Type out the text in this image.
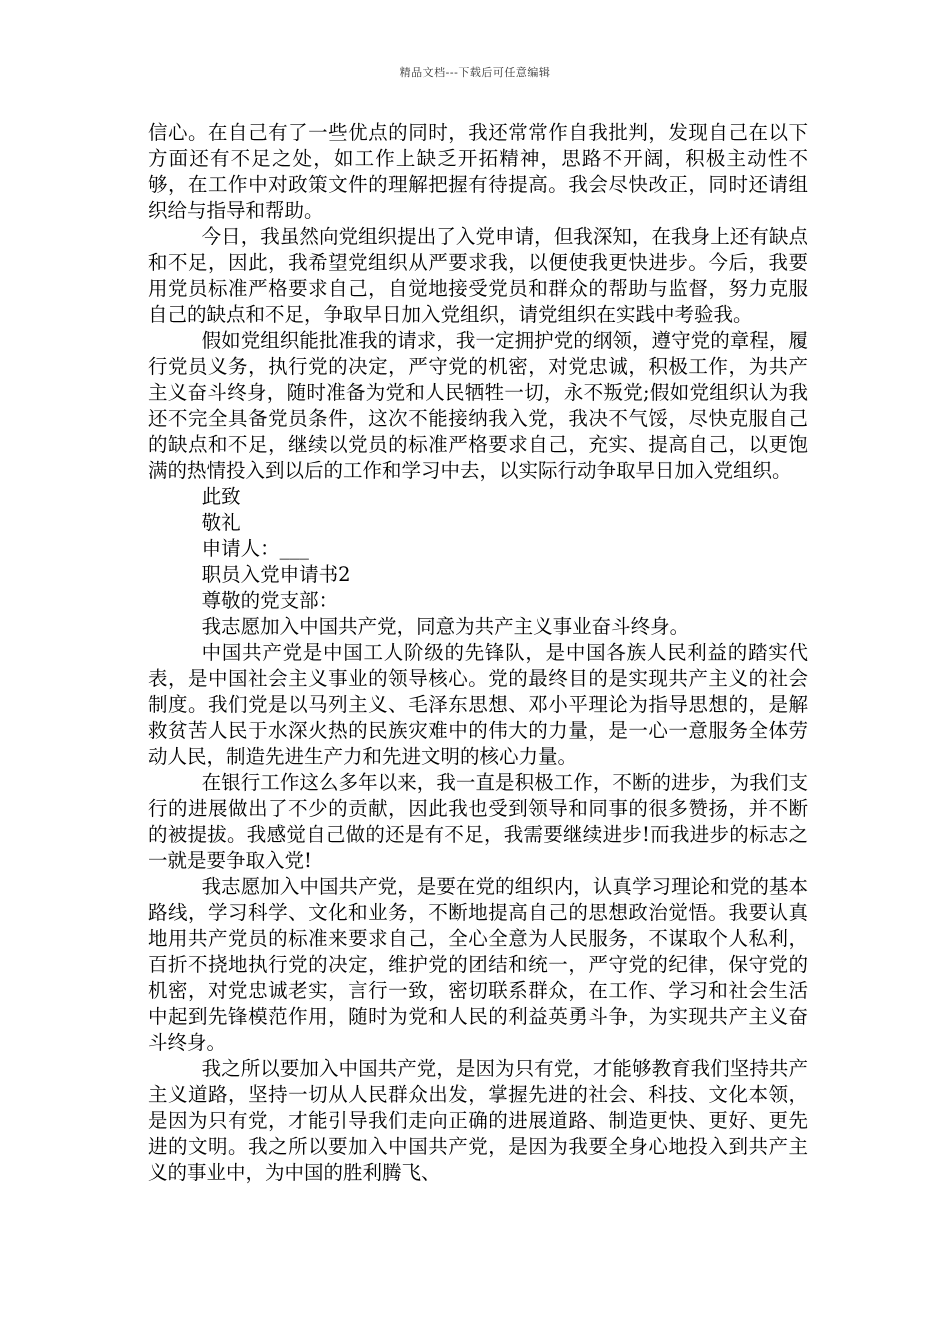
精品文档---下载后可任意编辑

信心。在自己有了一些优点的同时，我还常常作自我批判，发现自己在以下方面还有不足之处，如工作上缺乏开拓精神，思路不开阔，积极主动性不够，在工作中对政策文件的理解把握有待提高。我会尽快改正，同时还请组织给与指导和帮助。

今日，我虽然向党组织提出了入党申请，但我深知，在我身上还有缺点和不足，因此，我希望党组织从严要求我，以便使我更快进步。今后，我要用党员标准严格要求自己，自觉地接受党员和群众的帮助与监督，努力克服自己的缺点和不足，争取早日加入党组织，请党组织在实践中考验我。

假如党组织能批准我的请求，我一定拥护党的纲领，遵守党的章程，履行党员义务，执行党的决定，严守党的机密，对党忠诚，积极工作，为共产主义奋斗终身，随时准备为党和人民牺牲一切，永不叛党;假如党组织认为我还不完全具备党员条件，这次不能接纳我入党，我决不气馁，尽快克服自己的缺点和不足，继续以党员的标准严格要求自己，充实、提高自己，以更饱满的热情投入到以后的工作和学习中去，以实际行动争取早日加入党组织。

此致

敬礼

申请人：___

职员入党申请书2

尊敬的党支部：

我志愿加入中国共产党，同意为共产主义事业奋斗终身。

中国共产党是中国工人阶级的先锋队，是中国各族人民利益的踏实代表，是中国社会主义事业的领导核心。党的最终目的是实现共产主义的社会制度。我们党是以马列主义、毛泽东思想、邓小平理论为指导思想的，是解救贫苦人民于水深火热的民族灾难中的伟大的力量，是一心一意服务全体劳动人民，制造先进生产力和先进文明的核心力量。

在银行工作这么多年以来，我一直是积极工作，不断的进步，为我们支行的进展做出了不少的贡献，因此我也受到领导和同事的很多赞扬，并不断的被提拔。我感觉自己做的还是有不足，我需要继续进步!而我进步的标志之一就是要争取入党!

我志愿加入中国共产党，是要在党的组织内，认真学习理论和党的基本路线，学习科学、文化和业务，不断地提高自己的思想政治觉悟。我要认真地用共产党员的标准来要求自己，全心全意为人民服务，不谋取个人私利，百折不挠地执行党的决定，维护党的团结和统一，严守党的纪律，保守党的机密，对党忠诚老实，言行一致，密切联系群众，在工作、学习和社会生活中起到先锋模范作用，随时为党和人民的利益英勇斗争，为实现共产主义奋斗终身。

我之所以要加入中国共产党，是因为只有党，才能够教育我们坚持共产主义道路，坚持一切从人民群众出发，掌握先进的社会、科技、文化本领，是因为只有党，才能引导我们走向正确的进展道路、制造更快、更好、更先进的文明。我之所以要加入中国共产党，是因为我要全身心地投入到共产主义的事业中，为中国的胜利腾飞、
